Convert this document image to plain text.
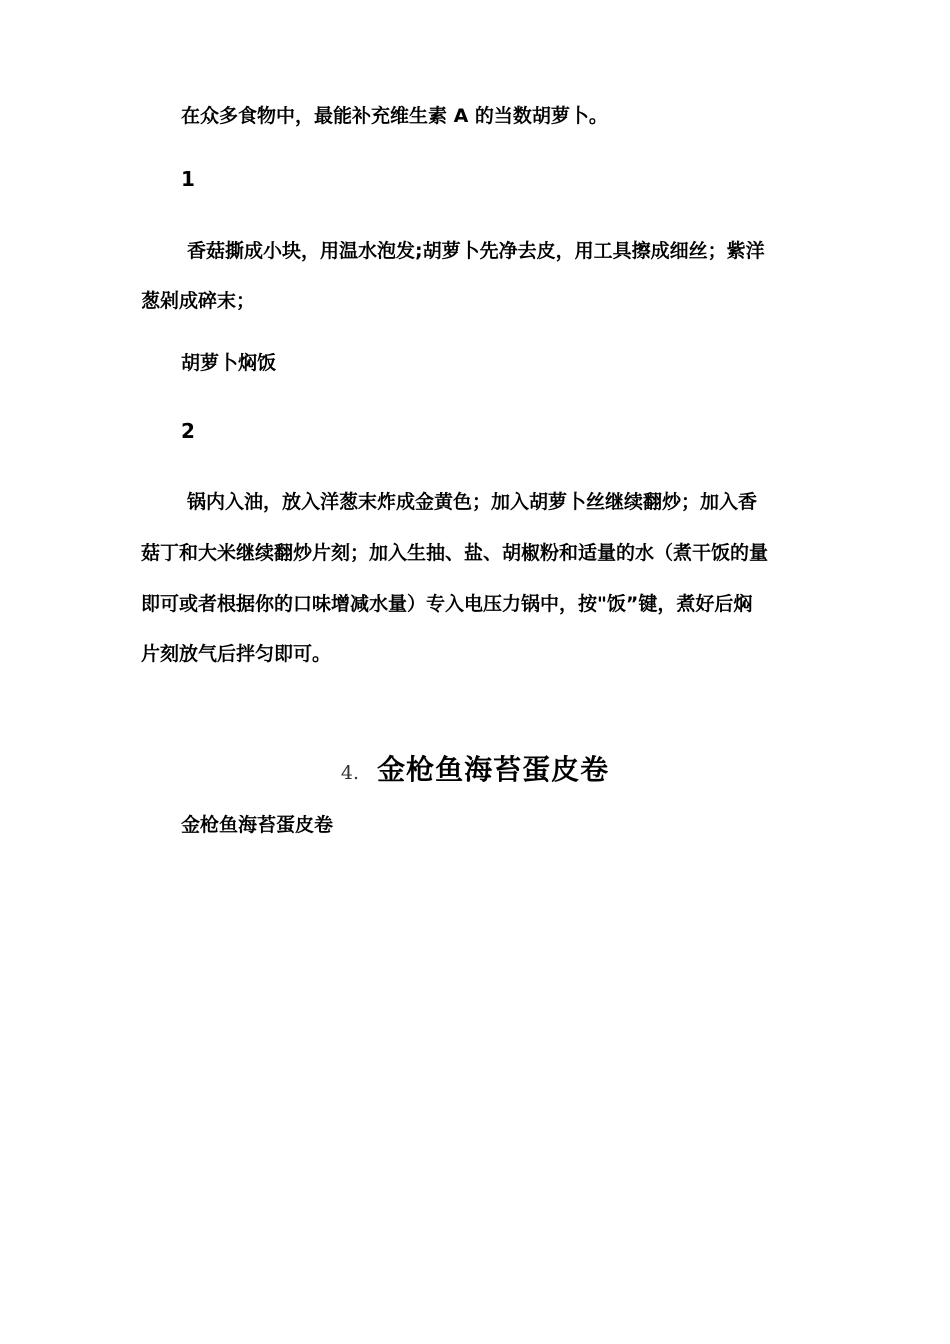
在众多食物中，最能补充维生素 A 的当数胡萝卜。
1
香菇撕成小块，用温水泡发;胡萝卜先净去皮，用工具擦成细丝；紫洋
葱剁成碎末；
胡萝卜焖饭
2
锅内入油，放入洋葱末炸成金黄色；加入胡萝卜丝继续翻炒；加入香
菇丁和大米继续翻炒片刻；加入生抽、盐、胡椒粉和适量的水（煮干饭的量
即可或者根据你的口味增减水量）专入电压力锅中，按"饭”键，煮好后焖
片刻放气后拌匀即可。
4. 金枪鱼海苔蛋皮卷
金枪鱼海苔蛋皮卷
